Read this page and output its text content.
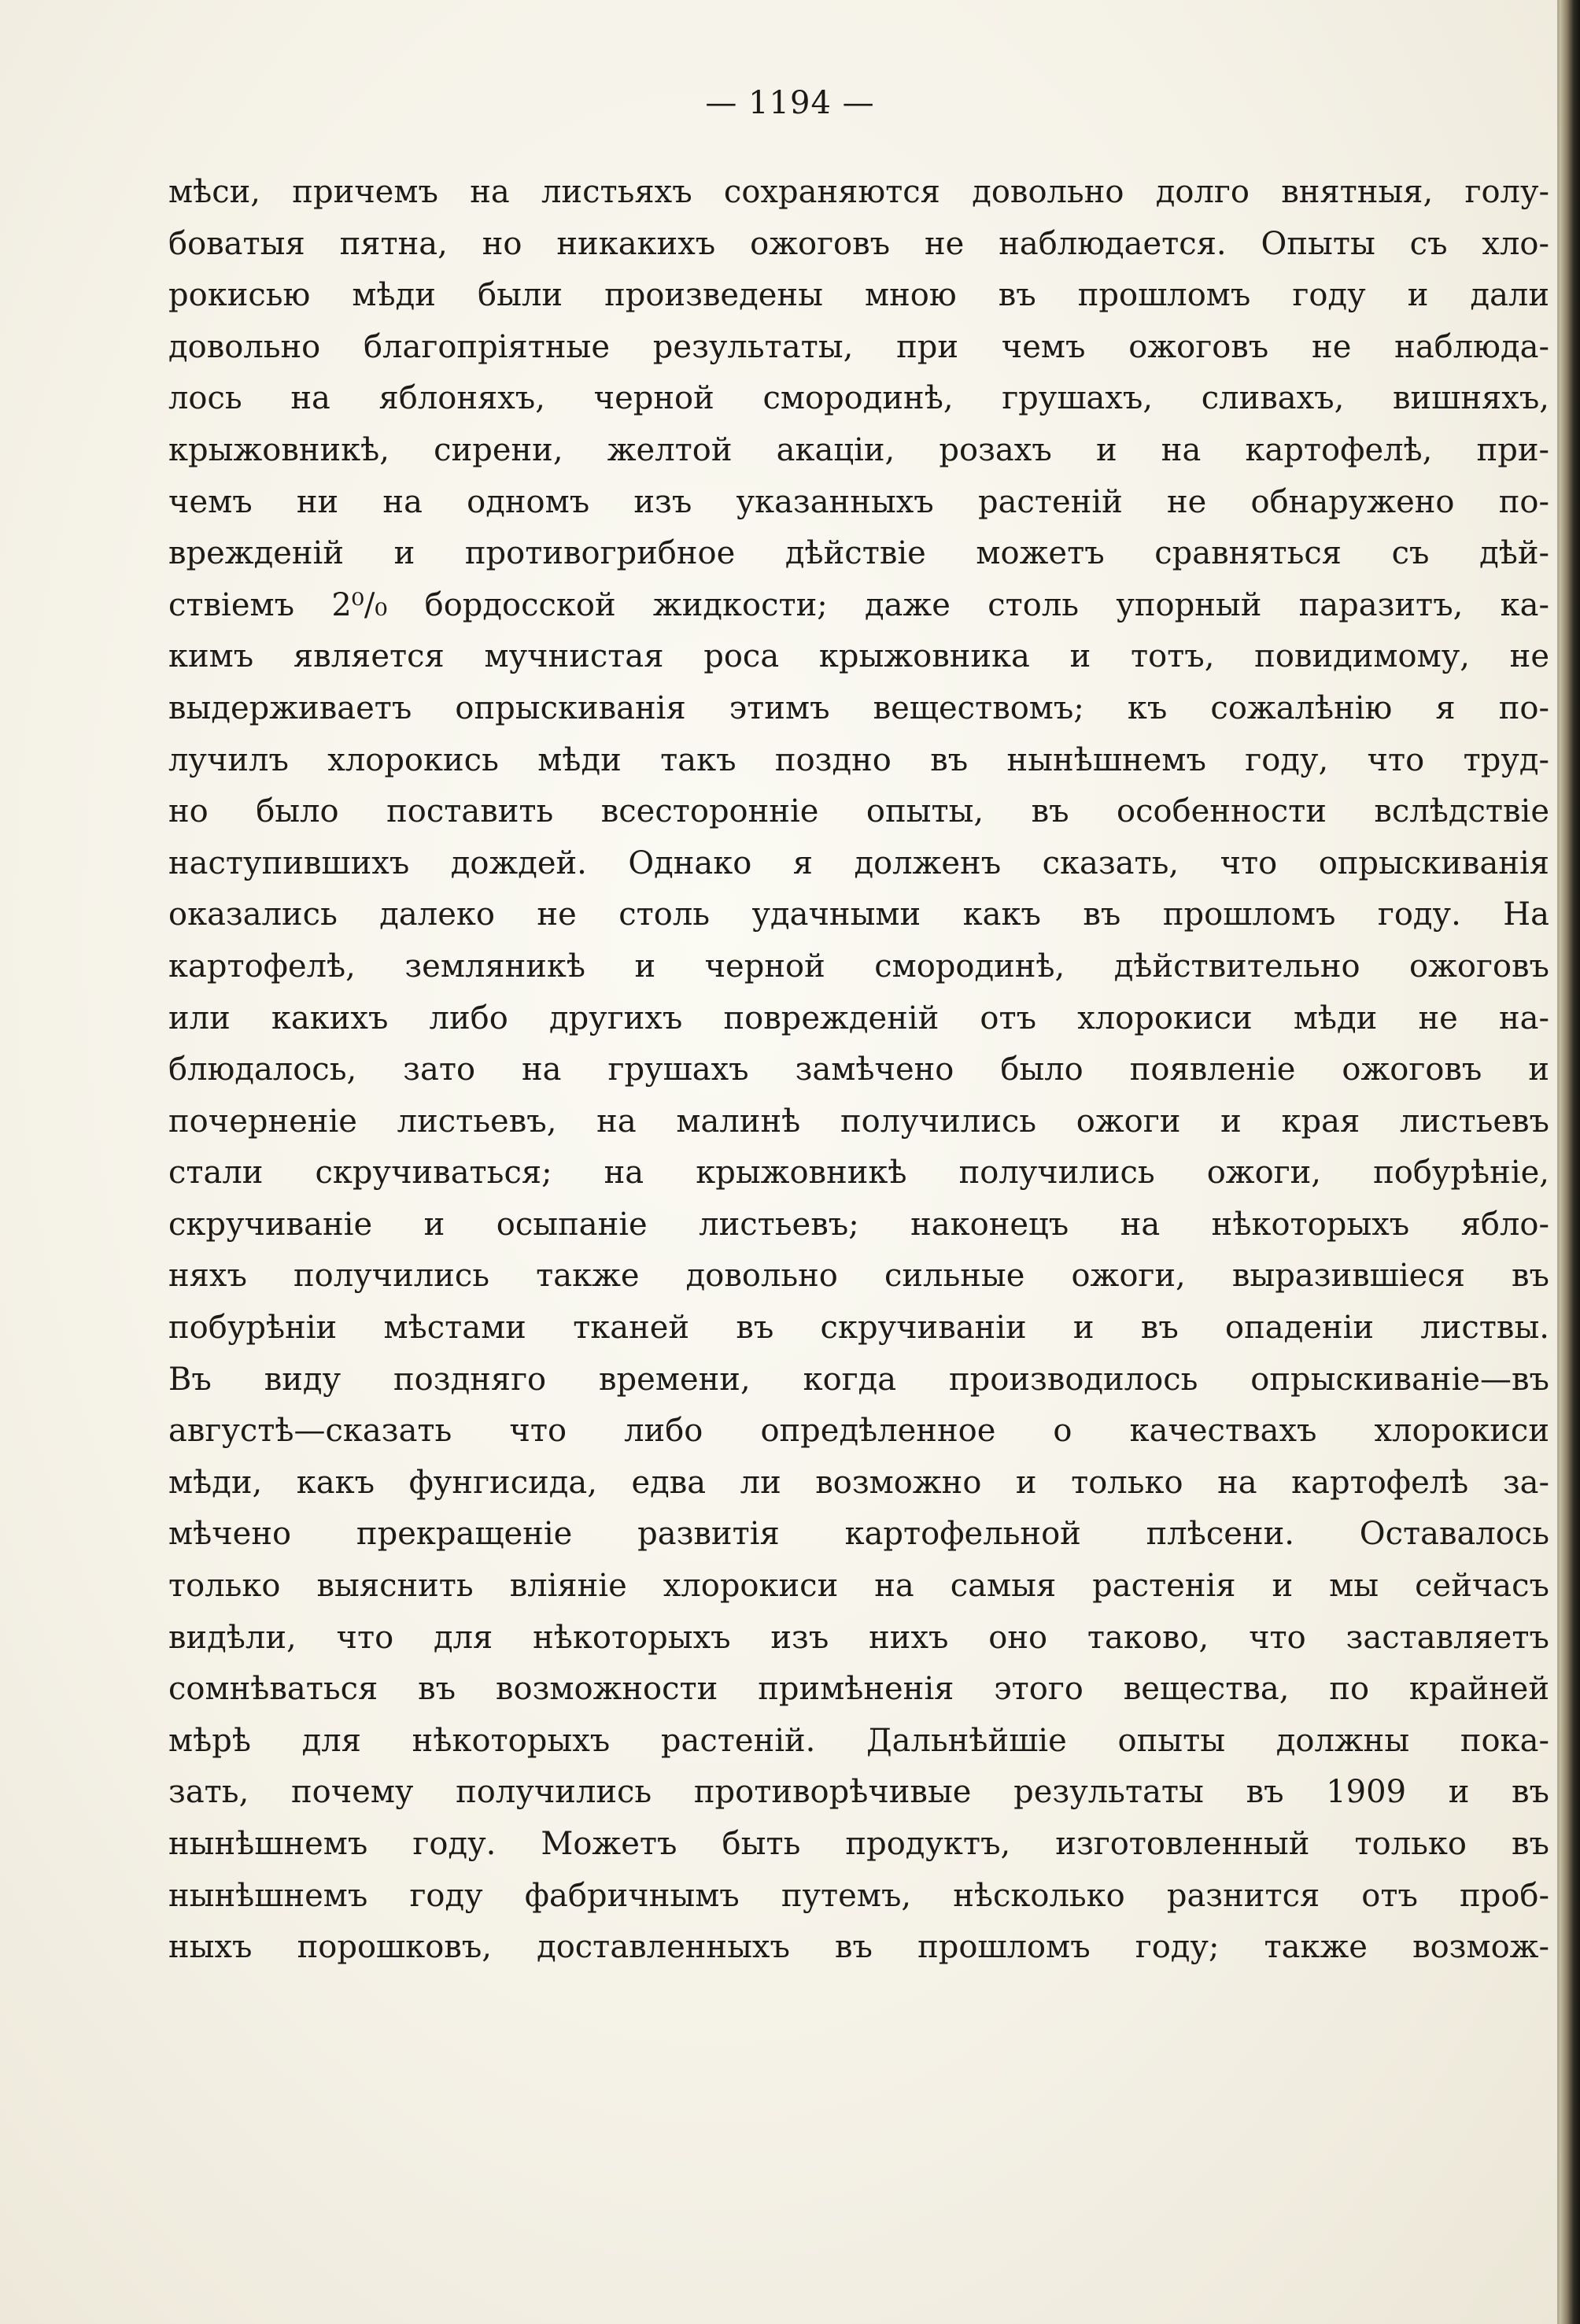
— 1194 —
мѣси, причемъ на листьяхъ сохраняются довольно долго внятныя, голу-
боватыя пятна, но никакихъ ожоговъ не наблюдается. Опыты съ хло-
рокисью мѣди были произведены мною въ прошломъ году и дали
довольно благопріятные результаты, при чемъ ожоговъ не наблюда-
лось на яблоняхъ, черной смородинѣ, грушахъ, сливахъ, вишняхъ,
крыжовникѣ, сирени, желтой акаціи, розахъ и на картофелѣ, при-
чемъ ни на одномъ изъ указанныхъ растеній не обнаружено по-
врежденій и противогрибное дѣйствіе можетъ сравняться съ дѣй-
ствіемъ 2⁰/₀ бордосской жидкости; даже столь упорный паразитъ, ка-
кимъ является мучнистая роса крыжовника и тотъ, повидимому, не
выдерживаетъ опрыскиванія этимъ веществомъ; къ сожалѣнію я по-
лучилъ хлорокись мѣди такъ поздно въ нынѣшнемъ году, что труд-
но было поставить всесторонніе опыты, въ особенности вслѣдствіе
наступившихъ дождей. Однако я долженъ сказать, что опрыскиванія
оказались далеко не столь удачными какъ въ прошломъ году. На
картофелѣ, земляникѣ и черной смородинѣ, дѣйствительно ожоговъ
или какихъ либо другихъ поврежденій отъ хлорокиси мѣди не на-
блюдалось, зато на грушахъ замѣчено было появленіе ожоговъ и
почерненіе листьевъ, на малинѣ получились ожоги и края листьевъ
стали скручиваться; на крыжовникѣ получились ожоги, побурѣніе,
скручиваніе и осыпаніе листьевъ; наконецъ на нѣкоторыхъ ябло-
няхъ получились также довольно сильные ожоги, выразившіеся въ
побурѣніи мѣстами тканей въ скручиваніи и въ опаденіи листвы.
Въ виду поздняго времени, когда производилось опрыскиваніе—въ
августѣ—сказать что либо опредѣленное о качествахъ хлорокиси
мѣди, какъ фунгисида, едва ли возможно и только на картофелѣ за-
мѣчено прекращеніе развитія картофельной плѣсени. Оставалось
только выяснить вліяніе хлорокиси на самыя растенія и мы сейчасъ
видѣли, что для нѣкоторыхъ изъ нихъ оно таково, что заставляетъ
сомнѣваться въ возможности примѣненія этого вещества, по крайней
мѣрѣ для нѣкоторыхъ растеній. Дальнѣйшіе опыты должны пока-
зать, почему получились противорѣчивые результаты въ 1909 и въ
нынѣшнемъ году. Можетъ быть продуктъ, изготовленный только въ
нынѣшнемъ году фабричнымъ путемъ, нѣсколько разнится отъ проб-
ныхъ порошковъ, доставленныхъ въ прошломъ году; также возмож-
